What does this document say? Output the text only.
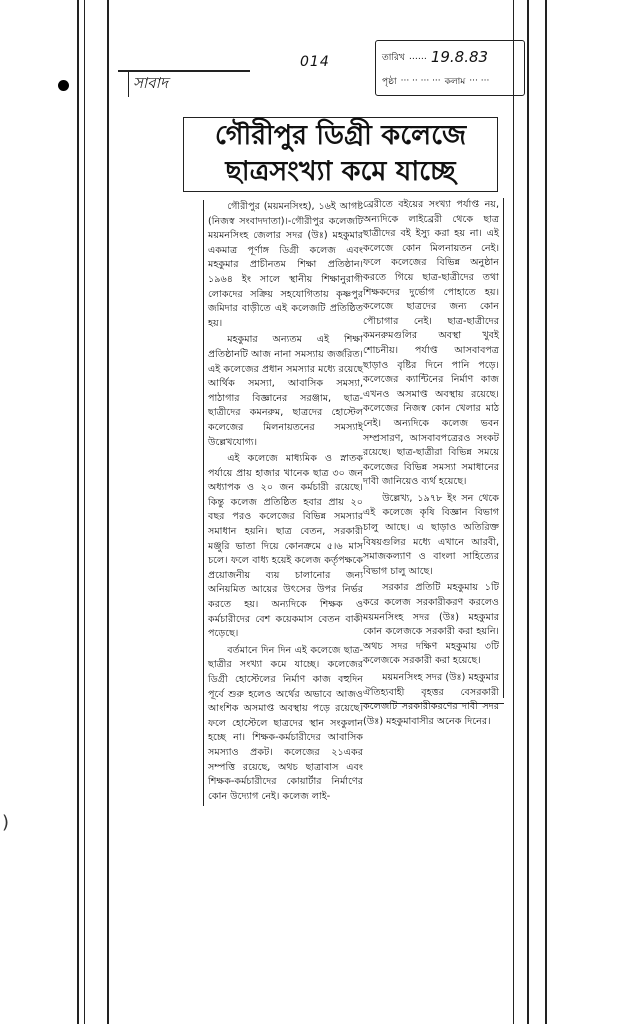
সাবাদ
014	তারিখ …… 19.8.83
পৃষ্ঠা ··· ·· ··· ··· কলাম ··· ···
গৌরীপুর ডিগ্রী কলেজে
ছাত্রসংখ্যা কমে যাচ্ছে

গৌরীপুর (ময়মনসিংহ), ১৬ই আগষ্ট (নিজস্ব সংবাদদাতা)।-গৌরীপুর কলেজটি ময়মনসিংহ জেলার সদর (উঃ) মহকুমার একমাত্র পূর্ণাঙ্গ ডিগ্রী কলেজ এবং মহকুমার প্রাচীনতম শিক্ষা প্রতিষ্ঠান। ১৯৬৪ ইং সালে স্থানীয় শিক্ষানুরাগী লোকদের সক্রিয় সহযোগিতায় কৃষ্ণপুর জমিদার বাড়ীতে এই কলেজটি প্রতিষ্ঠিত হয়।

মহকুমার অন্যতম এই শিক্ষা প্রতিষ্ঠানটি আজ নানা সমস্যায় জর্জরিত। এই কলেজের প্রধান সমস্যার মধ্যে রয়েছে আর্থিক সমস্যা, আবাসিক সমস্যা, পাঠাগার বিজ্ঞানের সরঞ্জাম, ছাত্র-ছাত্রীদের কমনরুম, ছাত্রদের হোস্টেল কলেজের মিলনায়তনের সমস্যাই উল্লেখযোগ্য।

এই কলেজে মাধ্যমিক ও স্নাতক পর্যায়ে প্রায় হাজার খানেক ছাত্র ৩০ জন অধ্যাপক ও ২০ জন কর্মচারী রয়েছে। কিন্তু কলেজ প্রতিষ্ঠিত হবার প্রায় ২০ বছর পরও কলেজের বিভিন্ন সমস্যার সমাধান হয়নি। ছাত্র বেতন, সরকারী মঞ্জুরি ভাতা দিয়ে কোনক্রমে ৫।৬ মাস চলে। ফলে বাধ্য হয়েই কলেজ কর্তৃপক্ষকে প্রয়োজনীয় ব্যয় চালানোর জন্য অনিয়মিত আয়ের উৎসের উপর নির্ভর করতে হয়। অন্যদিকে শিক্ষক ও কর্মচারীদের বেশ কয়েকমাস বেতন বাকী পড়েছে।

বর্তমানে দিন দিন এই কলেজে ছাত্র-ছাত্রীর সংখ্যা কমে যাচ্ছে। কলেজের ডিগ্রী হোস্টেলের নির্মাণ কাজ বহুদিন পূর্বে শুরু হলেও অর্থের অভাবে আজও আংশিক অসমাপ্ত অবস্থায় পড়ে রয়েছে। ফলে হোস্টেলে ছাত্রদের স্থান সংকুলান হচ্ছে না। শিক্ষক-কর্মচারীদের আবাসিক সমস্যাও প্রকট। কলেজের ২১একর সম্পত্তি রয়েছে, অথচ ছাত্রাবাস এবং শিক্ষক-কর্মচারীদের কোয়ার্টার নির্মাণের কোন উদ্যোগ নেই। কলেজ লাই-

ব্রেরীতে বইয়ের সংখ্যা পর্যাপ্ত নয়, অন্যদিকে লাইব্রেরী থেকে ছাত্র ছাত্রীদের বই ইস্যু করা হয় না। এই কলেজে কোন মিলনায়তন নেই। ফলে কলেজের বিভিন্ন অনুষ্ঠান করতে গিয়ে ছাত্র-ছাত্রীদের তথা শিক্ষকদের দুর্ভোগ পোহাতে হয়। কলেজে ছাত্রদের জন্য কোন পৌচাগার নেই। ছাত্র-ছাত্রীদের কমনরুমগুলির অবস্থা খুবই শোচনীয়। পর্যাপ্ত আসবাবপত্র ছাড়াও বৃষ্টির দিনে পানি পড়ে। কলেজের ক্যান্টিনের নির্মাণ কাজ এখনও অসমাপ্ত অবস্থায় রয়েছে। কলেজের নিজস্ব কোন খেলার মাঠ নেই। অন্যদিকে কলেজ ভবন সম্প্রসারণ, আসবাবপত্রেরও সংকট রয়েছে। ছাত্র-ছাত্রীরা বিভিন্ন সময়ে কলেজের বিভিন্ন সমস্যা সমাধানের দাবী জানিয়েও ব্যর্থ হয়েছে।

উল্লেখ্য, ১৯৭৮ ইং সন থেকে এই কলেজে কৃষি বিজ্ঞান বিভাগ চালু আছে। এ ছাড়াও অতিরিক্ত বিষয়গুলির মধ্যে এখানে আরবী, সমাজকল্যাণ ও বাংলা সাহিত্যের বিভাগ চালু আছে।

সরকার প্রতিটি মহকুমায় ১টি করে কলেজ সরকারীকরণ করলেও ময়মনসিংহ সদর (উঃ) মহকুমার কোন কলেজকে সরকারী করা হয়নি। অথচ সদর দক্ষিণ মহকুমায় ৩টি কলেজকে সরকারী করা হয়েছে।

ময়মনসিংহ সদর (উঃ) মহকুমার ঐতিহ্যবাহী বৃহত্তর বেসরকারী কলেজটি সরকারীকরণের দাবী সদর (উঃ) মহকুমাবাসীর অনেক দিনের।

)
